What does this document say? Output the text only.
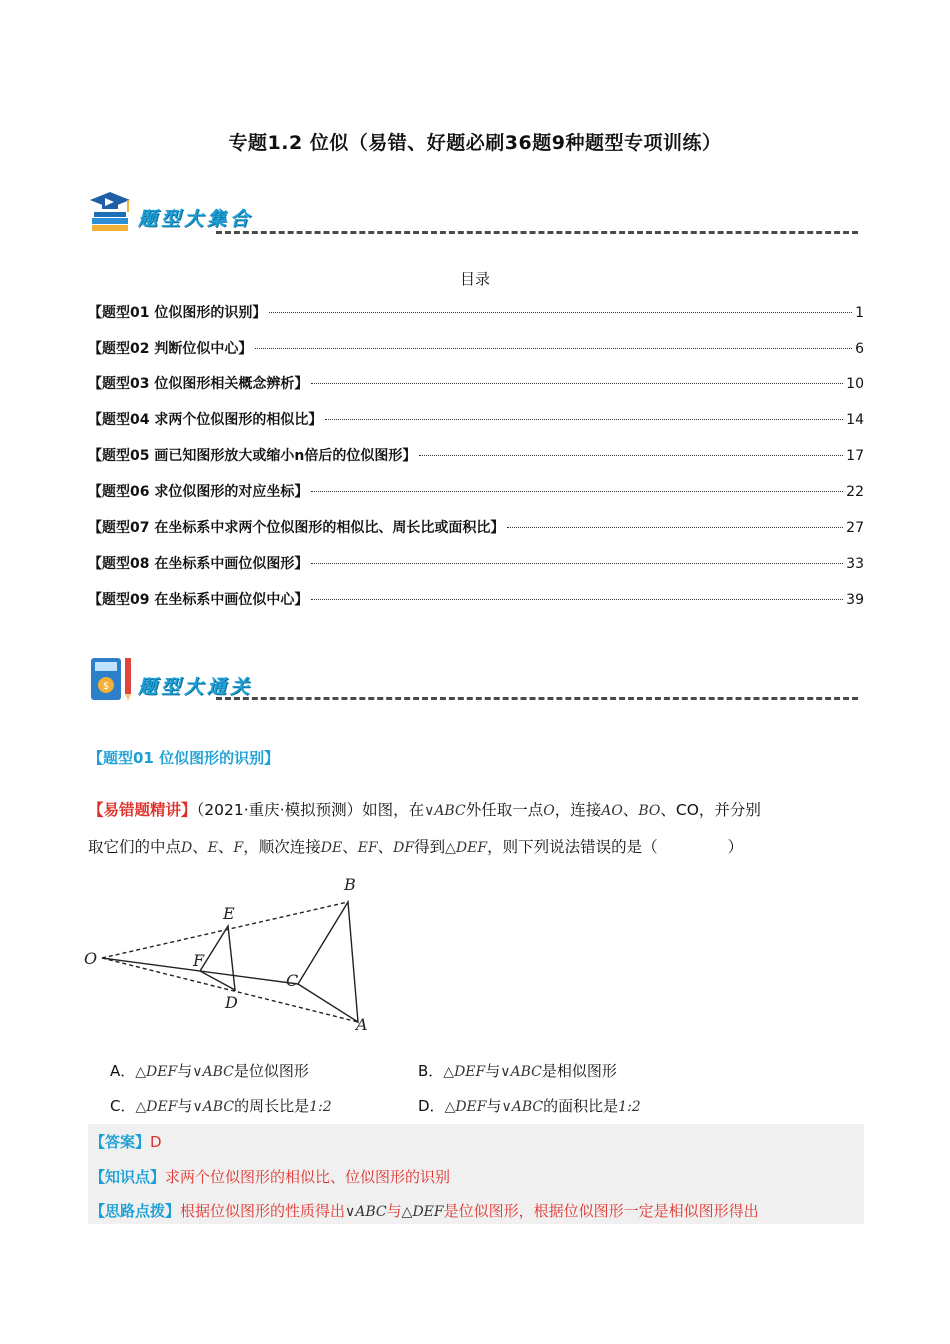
专题1.2 位似（易错、好题必刷36题9种题型专项训练）
题型大集合
目录
【题型01 位似图形的识别】	1
【题型02 判断位似中心】	6
【题型03 位似图形相关概念辨析】	10
【题型04 求两个位似图形的相似比】	14
【题型05 画已知图形放大或缩小n倍后的位似图形】	17
【题型06 求位似图形的对应坐标】	22
【题型07 在坐标系中求两个位似图形的相似比、周长比或面积比】	27
【题型08 在坐标系中画位似图形】	33
【题型09 在坐标系中画位似中心】	39
$ 题型大通关
【题型01 位似图形的识别】
【易错题精讲】（2021·重庆·模拟预测）如图，在∨ABC外任取一点O，连接AO、BO、CO，并分别
取它们的中点D、E、F，顺次连接DE、EF、DF得到△DEF，则下列说法错误的是（	）
O
E
F
D
C
B
A
A．△DEF与∨ABC是位似图形	B．△DEF与∨ABC是相似图形
C．△DEF与∨ABC的周长比是1:2	D．△DEF与∨ABC的面积比是1:2
【答案】D
【知识点】求两个位似图形的相似比、位似图形的识别
【思路点拨】根据位似图形的性质得出∨ABC与△DEF是位似图形，根据位似图形一定是相似图形得出
